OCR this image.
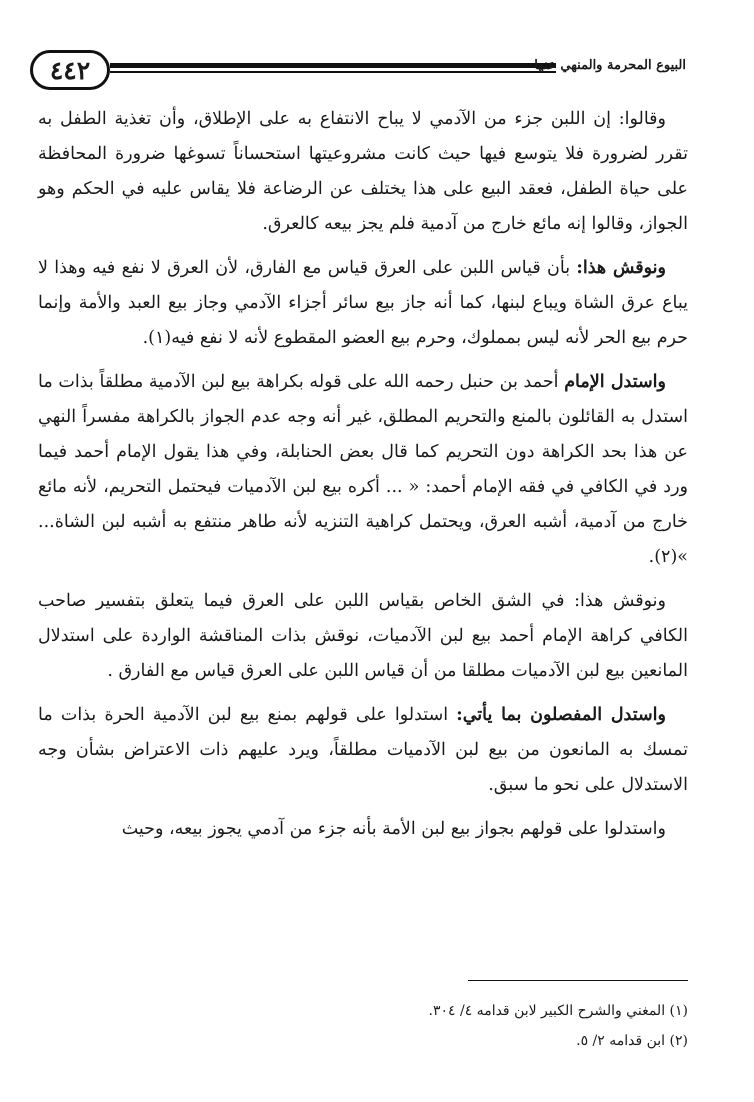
٤٤٢	البيوع المحرمة والمنهي عنها

وقالوا: إن اللبن جزء من الآدمي لا يباح الانتفاع به على الإطلاق، وأن تغذية الطفل به تقرر لضرورة فلا يتوسع فيها حيث كانت مشروعيتها استحساناً تسوغها ضرورة المحافظة على حياة الطفل، فعقد البيع على هذا يختلف عن الرضاعة فلا يقاس عليه في الحكم وهو الجواز، وقالوا إنه مائع خارج من آدمية فلم يجز بيعه كالعرق.

ونوقش هذا: بأن قياس اللبن على العرق قياس مع الفارق، لأن العرق لا نفع فيه وهذا لا يباع عرق الشاة ويباع لبنها، كما أنه جاز بيع سائر أجزاء الآدمي وجاز بيع العبد والأمة وإنما حرم بيع الحر لأنه ليس بمملوك، وحرم بيع العضو المقطوع لأنه لا نفع فيه(١).

واستدل الإمام أحمد بن حنبل رحمه الله على قوله بكراهة بيع لبن الآدمية مطلقاً بذات ما استدل به القائلون بالمنع والتحريم المطلق، غير أنه وجه عدم الجواز بالكراهة مفسراً النهي عن هذا بحد الكراهة دون التحريم كما قال بعض الحنابلة، وفي هذا يقول الإمام أحمد فيما ورد في الكافي في فقه الإمام أحمد: « ... أكره بيع لبن الآدميات فيحتمل التحريم، لأنه مائع خارج من آدمية، أشبه العرق، ويحتمل كراهية التنزيه لأنه طاهر منتفع به أشبه لبن الشاة... »(٢).

ونوقش هذا: في الشق الخاص بقياس اللبن على العرق فيما يتعلق بتفسير صاحب الكافي كراهة الإمام أحمد بيع لبن الآدميات، نوقش بذات المناقشة الواردة على استدلال المانعين بيع لبن الآدميات مطلقا من أن قياس اللبن على العرق قياس مع الفارق .

واستدل المفصلون بما يأتي: استدلوا على قولهم بمنع بيع لبن الآدمية الحرة بذات ما تمسك به المانعون من بيع لبن الآدميات مطلقاً، ويرد عليهم ذات الاعتراض بشأن وجه الاستدلال على نحو ما سبق.

واستدلوا على قولهم بجواز بيع لبن الأمة بأنه جزء من آدمي يجوز بيعه، وحيث

(١) المغني والشرح الكبير لابن قدامه ٤/ ٣٠٤.
(٢) ابن قدامه ٢/ ٥.
